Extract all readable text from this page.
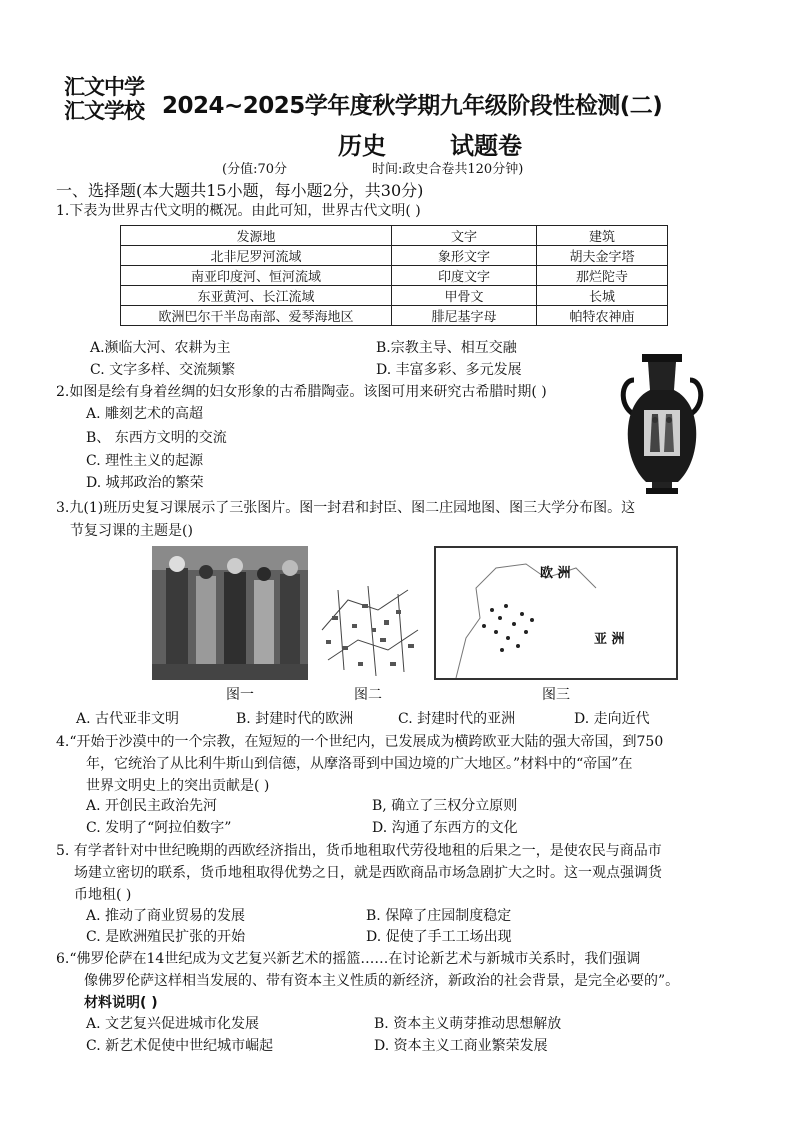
汇文中学
汇文学校 2024~2025学年度秋学期九年级阶段性检测(二)
历史	试题卷
(分值:70分	时间:政史合卷共120分钟)
一、选择题(本大题共15小题，每小题2分，共30分)
1.下表为世界古代文明的概况。由此可知，世界古代文明( )
发源地	文字	建筑
北非尼罗河流域	象形文字	胡夫金字塔
南亚印度河、恒河流域	印度文字	那烂陀寺
东亚黄河、长江流域	甲骨文	长城
欧洲巴尔干半岛南部、爱琴海地区	腓尼基字母	帕特农神庙
A.濒临大河、农耕为主	B.宗教主导、相互交融
C. 文字多样、交流频繁	D. 丰富多彩、多元发展
2.如图是绘有身着丝绸的妇女形象的古希腊陶壶。该图可用来研究古希腊时期( )
A. 雕刻艺术的高超
B、 东西方文明的交流
C. 理性主义的起源
D. 城邦政治的繁荣
3.九(1)班历史复习课展示了三张图片。图一封君和封臣、图二庄园地图、图三大学分布图。这
节复习课的主题是()
欧 洲
亚 洲
图一	图二	图三
A. 古代亚非文明	B. 封建时代的欧洲	C. 封建时代的亚洲	D. 走向近代
4.“开始于沙漠中的一个宗教，在短短的一个世纪内，已发展成为横跨欧亚大陆的强大帝国，到750
年，它统治了从比利牛斯山到信德，从摩洛哥到中国边境的广大地区。”材料中的“帝国”在
世界文明史上的突出贡献是( )
A. 开创民主政治先河	B, 确立了三权分立原则
C. 发明了“阿拉伯数字”	D. 沟通了东西方的文化
5. 有学者针对中世纪晚期的西欧经济指出，货币地租取代劳役地租的后果之一，是使农民与商品市
场建立密切的联系，货币地租取得优势之日，就是西欧商品市场急剧扩大之时。这一观点强调货
币地租( )
A. 推动了商业贸易的发展	B. 保障了庄园制度稳定
C. 是欧洲殖民扩张的开始	D. 促使了手工工场出现
6.“佛罗伦萨在14世纪成为文艺复兴新艺术的摇篮……在讨论新艺术与新城市关系时，我们强调
像佛罗伦萨这样相当发展的、带有资本主义性质的新经济，新政治的社会背景，是完全必要的”。
材料说明( )
A. 文艺复兴促进城市化发展	B. 资本主义萌芽推动思想解放
C. 新艺术促使中世纪城市崛起	D. 资本主义工商业繁荣发展
